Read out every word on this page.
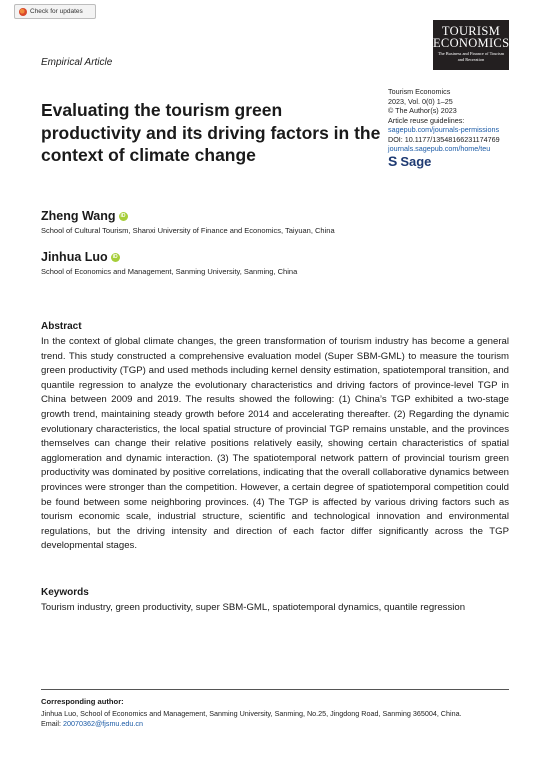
Check for updates
TOURISM
ECONOMICS
The Business and Finance of Tourism and Recreation
Empirical Article
Evaluating the tourism green productivity and its driving factors in the context of climate change
Tourism Economics
2023, Vol. 0(0) 1–25
© The Author(s) 2023
Article reuse guidelines:
sagepub.com/journals-permissions
DOI: 10.1177/13548166231174769
journals.sagepub.com/home/teu
S Sage
Zheng Wang	iD
School of Cultural Tourism, Shanxi University of Finance and Economics, Taiyuan, China
Jinhua Luo	iD
School of Economics and Management, Sanming University, Sanming, China
Abstract

In the context of global climate changes, the green transformation of tourism industry has become a general trend. This study constructed a comprehensive evaluation model (Super SBM-GML) to measure the tourism green productivity (TGP) and used methods including kernel density estimation, spatiotemporal transition, and quantile regression to analyze the evolutionary characteristics and driving factors of province-level TGP in China between 2009 and 2019. The results showed the following: (1) China’s TGP exhibited a two-stage growth trend, maintaining steady growth before 2014 and accelerating thereafter. (2) Regarding the dynamic evolutionary characteristics, the local spatial structure of provincial TGP remains unstable, and the provinces themselves can change their relative positions relatively easily, showing certain characteristics of spatial agglomeration and dynamic interaction. (3) The spatiotemporal network pattern of provincial tourism green productivity was dominated by positive correlations, indicating that the overall collaborative dynamics between provinces were stronger than the competition. However, a certain degree of spatiotemporal competition could be found between some neighboring provinces. (4) The TGP is affected by various driving factors such as tourism economic scale, industrial structure, scientific and technological innovation and environmental regulations, but the driving intensity and direction of each factor differ significantly across the TGP developmental stages.

Keywords

Tourism industry, green productivity, super SBM-GML, spatiotemporal dynamics, quantile regression

Corresponding author:
Jinhua Luo, School of Economics and Management, Sanming University, Sanming, No.25, Jingdong Road, Sanming 365004, China.
Email: 20070362@fjsmu.edu.cn
